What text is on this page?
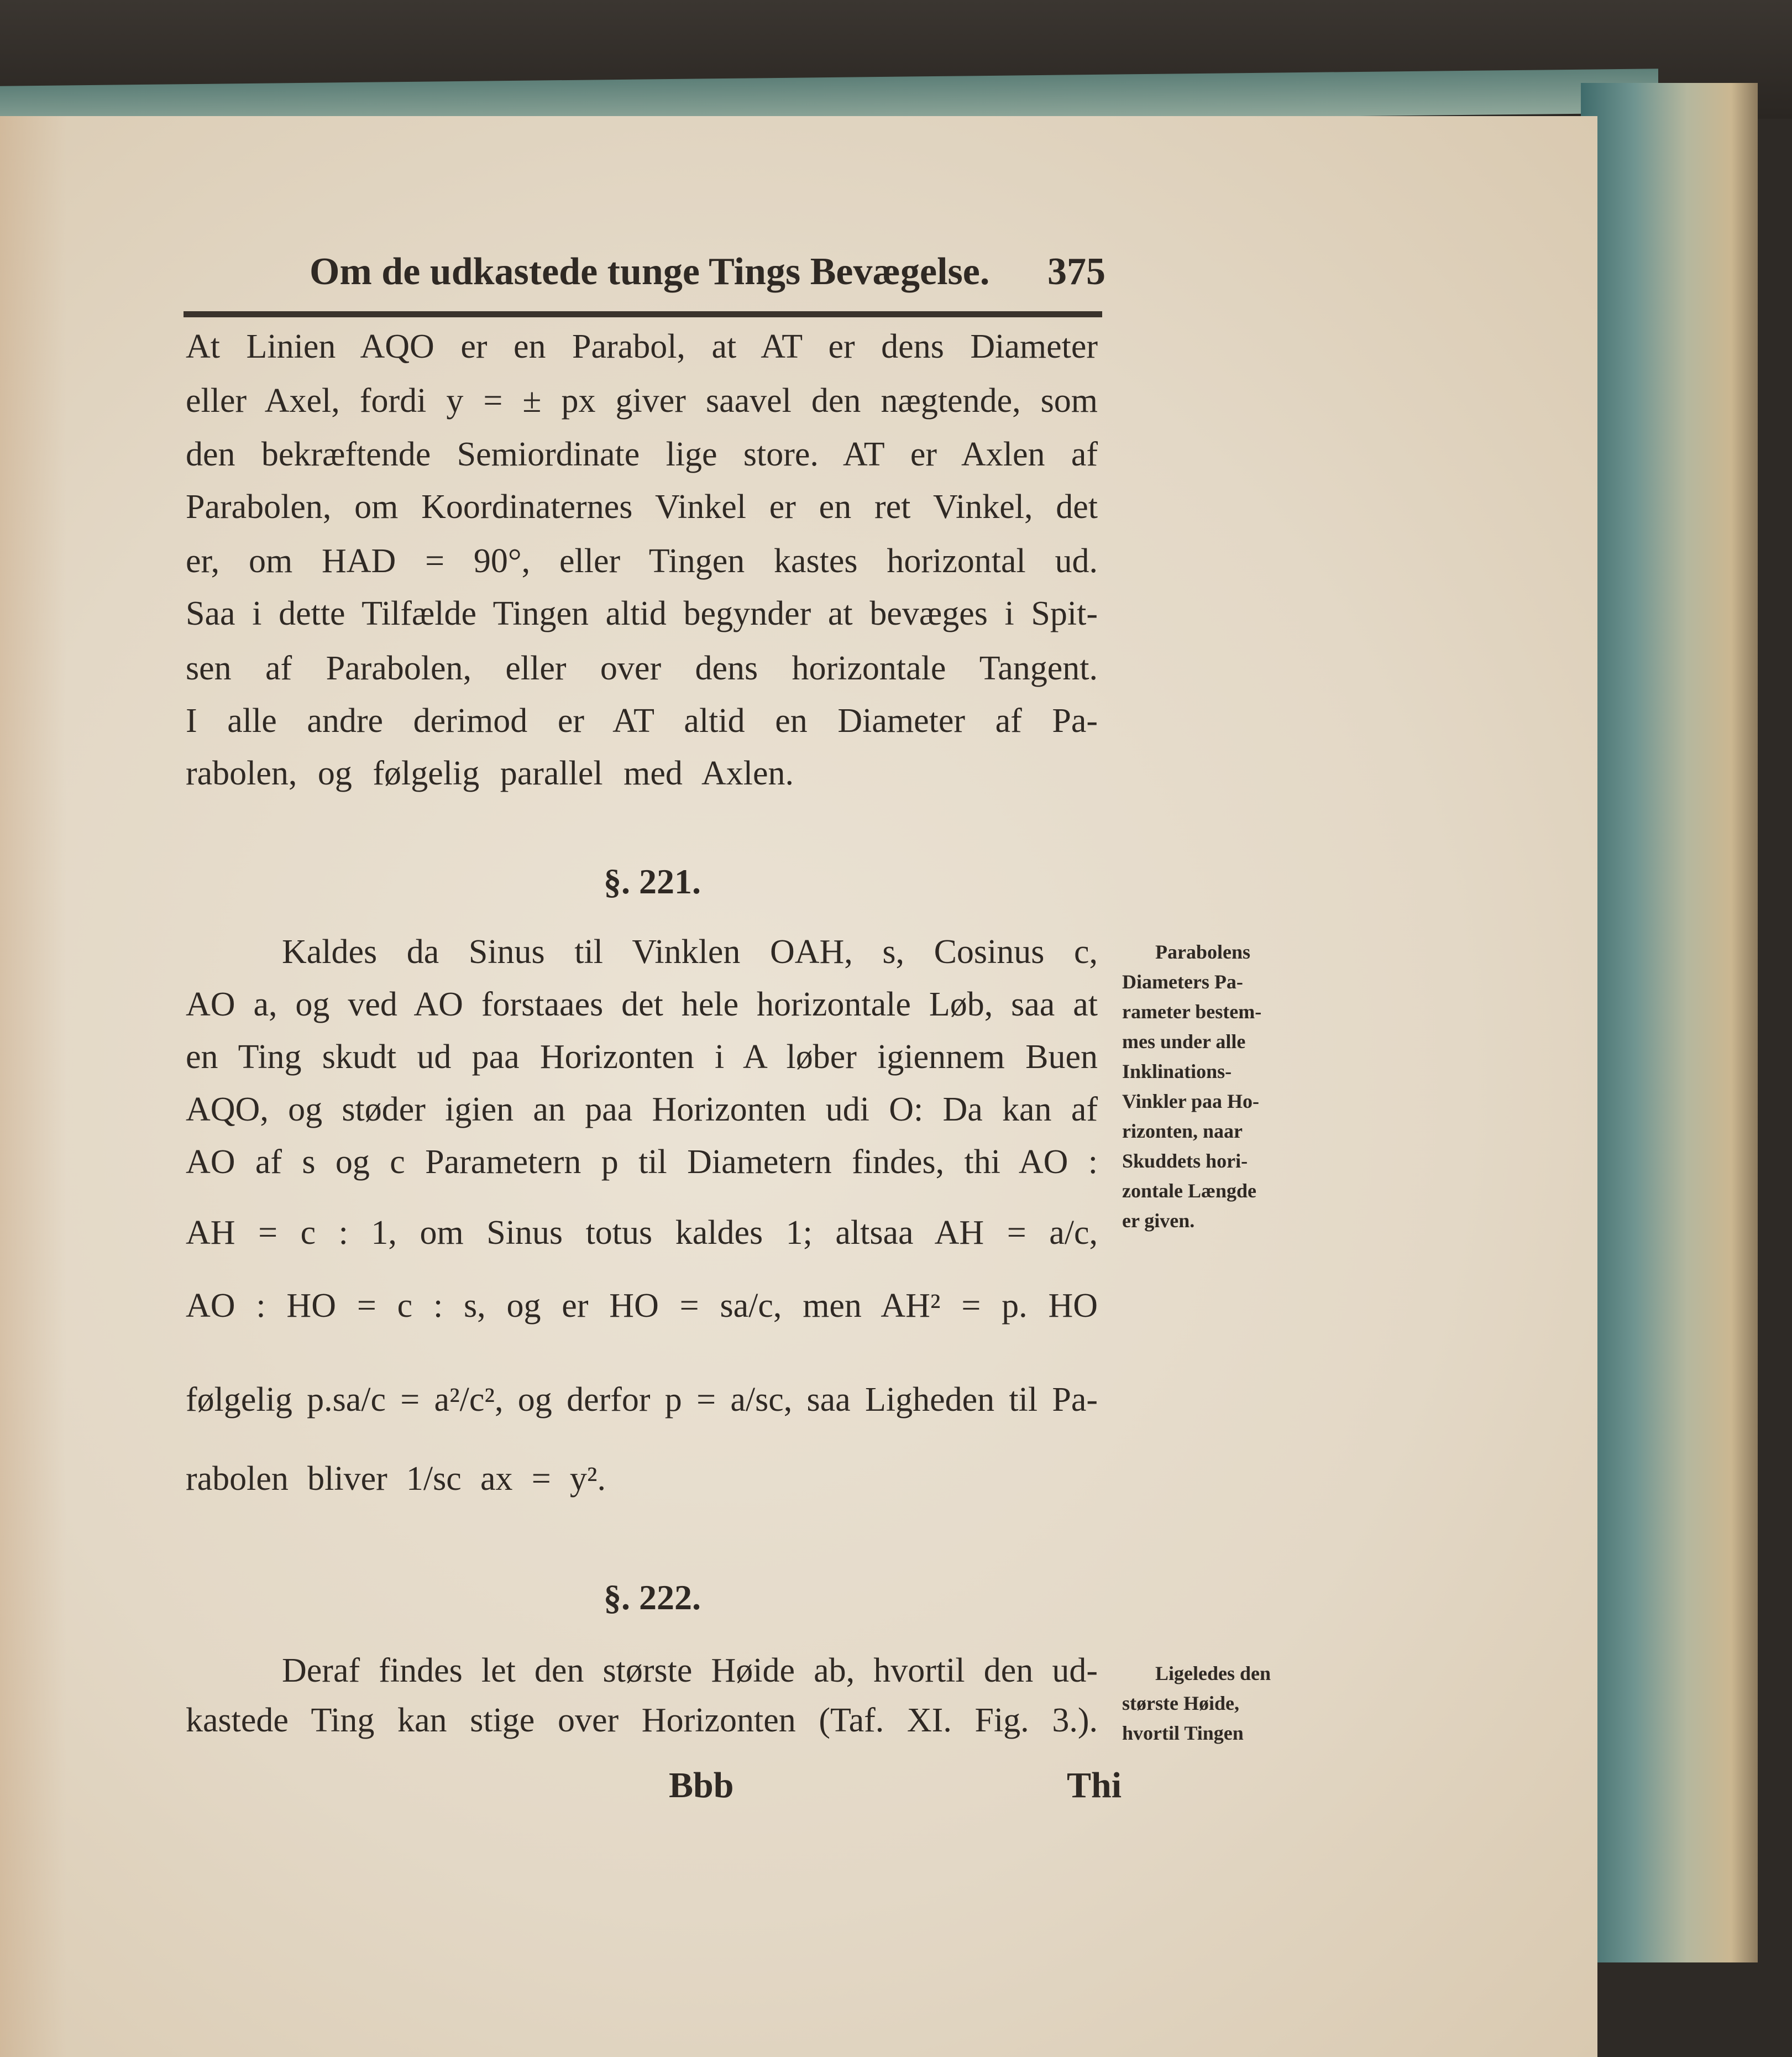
Om de udkastede tunge Tings Bevægelse. 375
At Linien AQO er en Parabol, at AT er dens Diameter
eller Axel, fordi y = ± px giver saavel den nægtende, som
den bekræftende Semiordinate lige store. AT er Axlen af
Parabolen, om Koordinaternes Vinkel er en ret Vinkel, det
er, om HAD = 90°, eller Tingen kastes horizontal ud.
Saa i dette Tilfælde Tingen altid begynder at bevæges i Spit-
sen af Parabolen, eller over dens horizontale Tangent.
I alle andre derimod er AT altid en Diameter af Pa-
rabolen, og følgelig parallel med Axlen.
§. 221.
Kaldes da Sinus til Vinklen OAH, s, Cosinus c,
AO a, og ved AO forstaaes det hele horizontale Løb, saa at
en Ting skudt ud paa Horizonten i A løber igiennem Buen
AQO, og støder igien an paa Horizonten udi O: Da kan af
AO af s og c Parametern p til Diametern findes, thi AO :
AH = c : 1, om Sinus totus kaldes 1; altsaa AH = a/c,
AO : HO = c : s, og er HO = sa/c, men AH² = p. HO
følgelig p.sa/c = a²/c², og derfor p = a/sc, saa Ligheden til Pa-
rabolen bliver 1/sc ax = y².
Parabolens
Diameters Pa-
rameter bestem-
mes under alle
Inklinations-
Vinkler paa Ho-
rizonten, naar
Skuddets hori-
zontale Længde
er given.
§. 222.
Deraf findes let den største Høide ab, hvortil den ud-
kastede Ting kan stige over Horizonten (Taf. XI. Fig. 3.).
Ligeledes den
største Høide,
hvortil Tingen
Bbb	Thi
